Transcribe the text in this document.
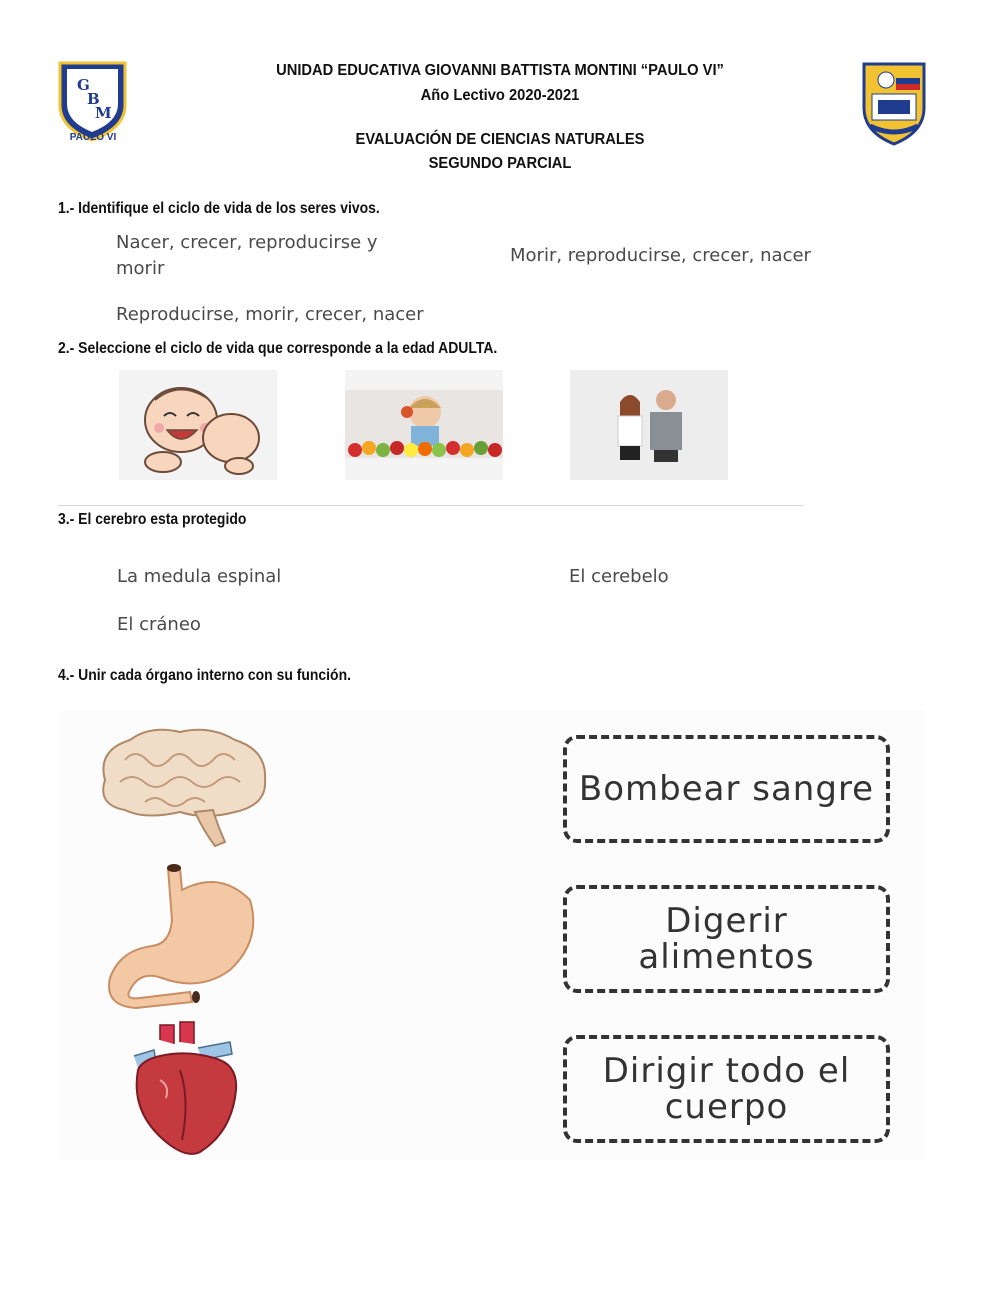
G
B
M
PAULO VI
UNIDAD EDUCATIVA GIOVANNI BATTISTA MONTINI “PAULO VI”
Año Lectivo 2020-2021
EVALUACIÓN DE CIENCIAS NATURALES
SEGUNDO PARCIAL
1.- Identifique el ciclo de vida de los seres vivos.
Nacer, crecer, reproducirse y morir
Morir, reproducirse, crecer, nacer
Reproducirse, morir, crecer, nacer
2.- Seleccione el ciclo de vida que corresponde a la edad ADULTA.
3.- El cerebro esta protegido
La medula espinal	El cerebelo
El cráneo
4.- Unir cada órgano interno con su función.
Bombear sangre
Digerir alimentos
Dirigir todo el cuerpo
